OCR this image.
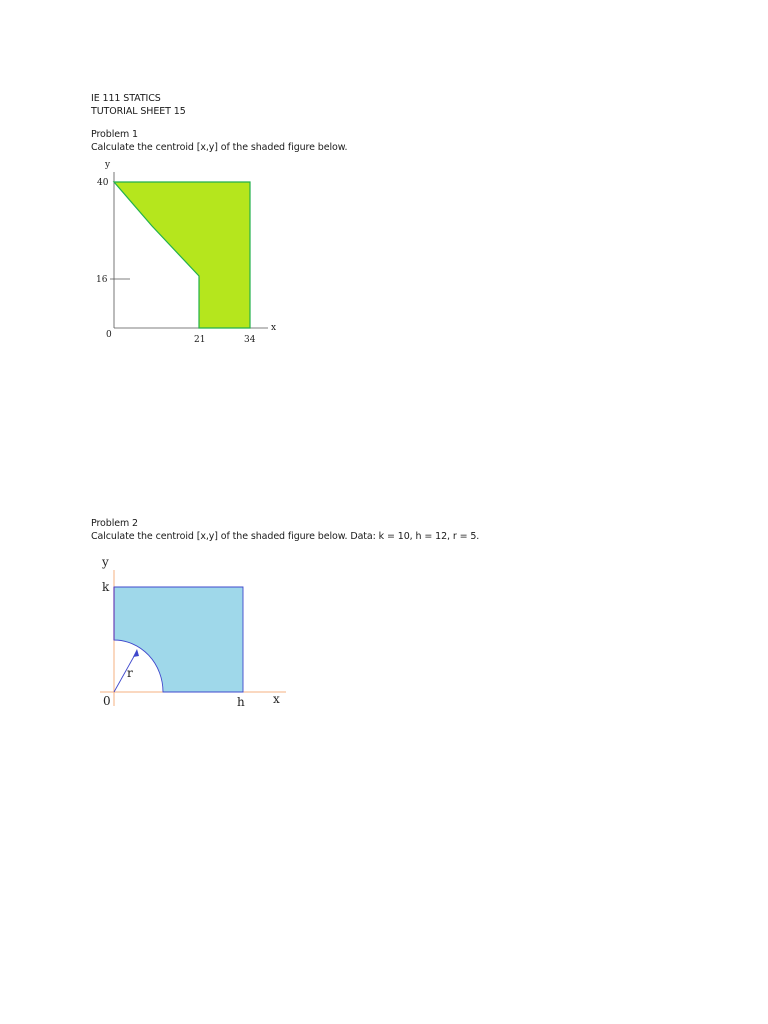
IE 111 STATICS
TUTORIAL SHEET 15
Problem 1
Calculate the centroid [x,y] of the shaded figure below.
y
x
40
16
0	21	34
Problem 2
Calculate the centroid [x,y] of the shaded figure below. Data: k = 10, h = 12, r = 5.
y
k
r
0	h x
